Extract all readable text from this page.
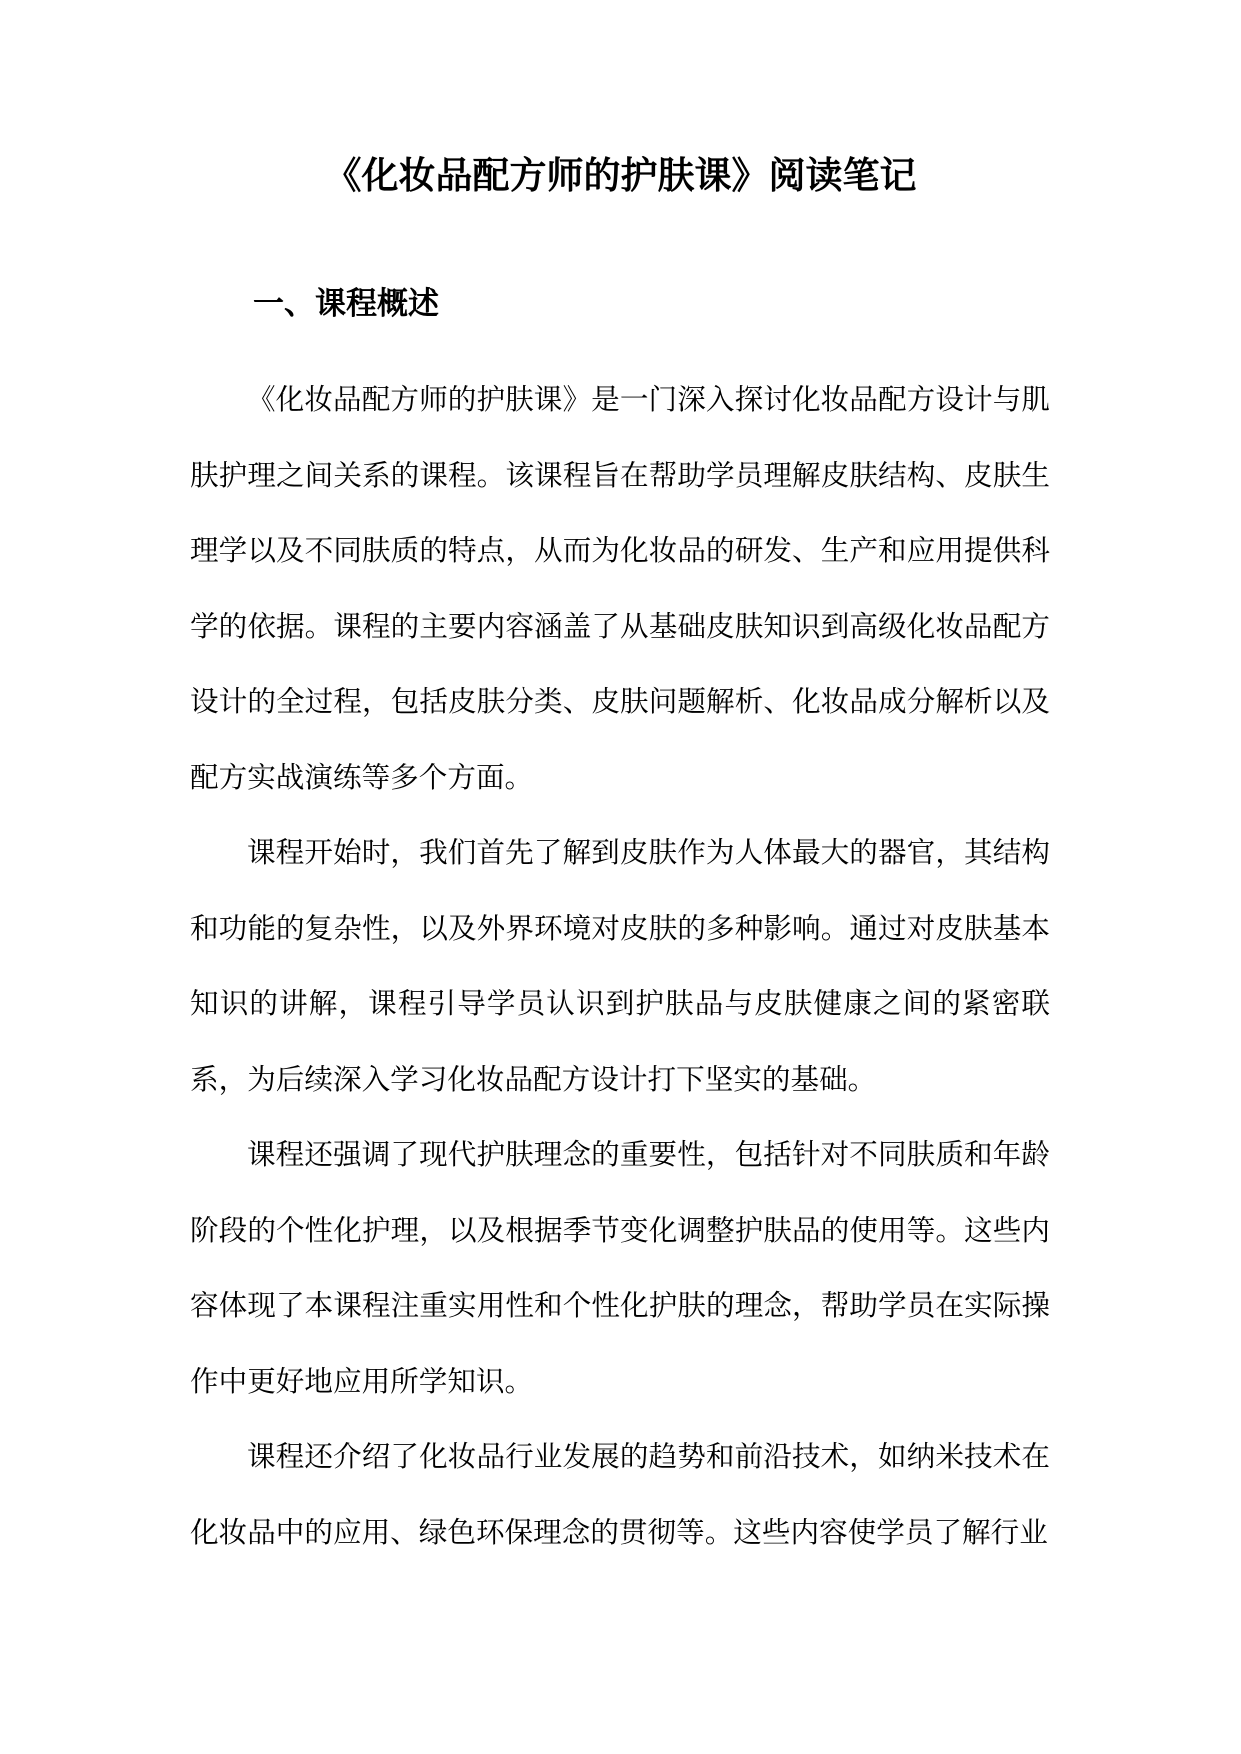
《化妆品配方师的护肤课》阅读笔记
一、课程概述

《化妆品配方师的护肤课》是一门深入探讨化妆品配方设计与肌肤护理之间关系的课程。该课程旨在帮助学员理解皮肤结构、皮肤生理学以及不同肤质的特点，从而为化妆品的研发、生产和应用提供科学的依据。课程的主要内容涵盖了从基础皮肤知识到高级化妆品配方设计的全过程，包括皮肤分类、皮肤问题解析、化妆品成分解析以及配方实战演练等多个方面。

课程开始时，我们首先了解到皮肤作为人体最大的器官，其结构和功能的复杂性，以及外界环境对皮肤的多种影响。通过对皮肤基本知识的讲解，课程引导学员认识到护肤品与皮肤健康之间的紧密联系，为后续深入学习化妆品配方设计打下坚实的基础。

课程还强调了现代护肤理念的重要性，包括针对不同肤质和年龄阶段的个性化护理，以及根据季节变化调整护肤品的使用等。这些内容体现了本课程注重实用性和个性化护肤的理念，帮助学员在实际操作中更好地应用所学知识。

课程还介绍了化妆品行业发展的趋势和前沿技术，如纳米技术在化妆品中的应用、绿色环保理念的贯彻等。这些内容使学员了解行业
